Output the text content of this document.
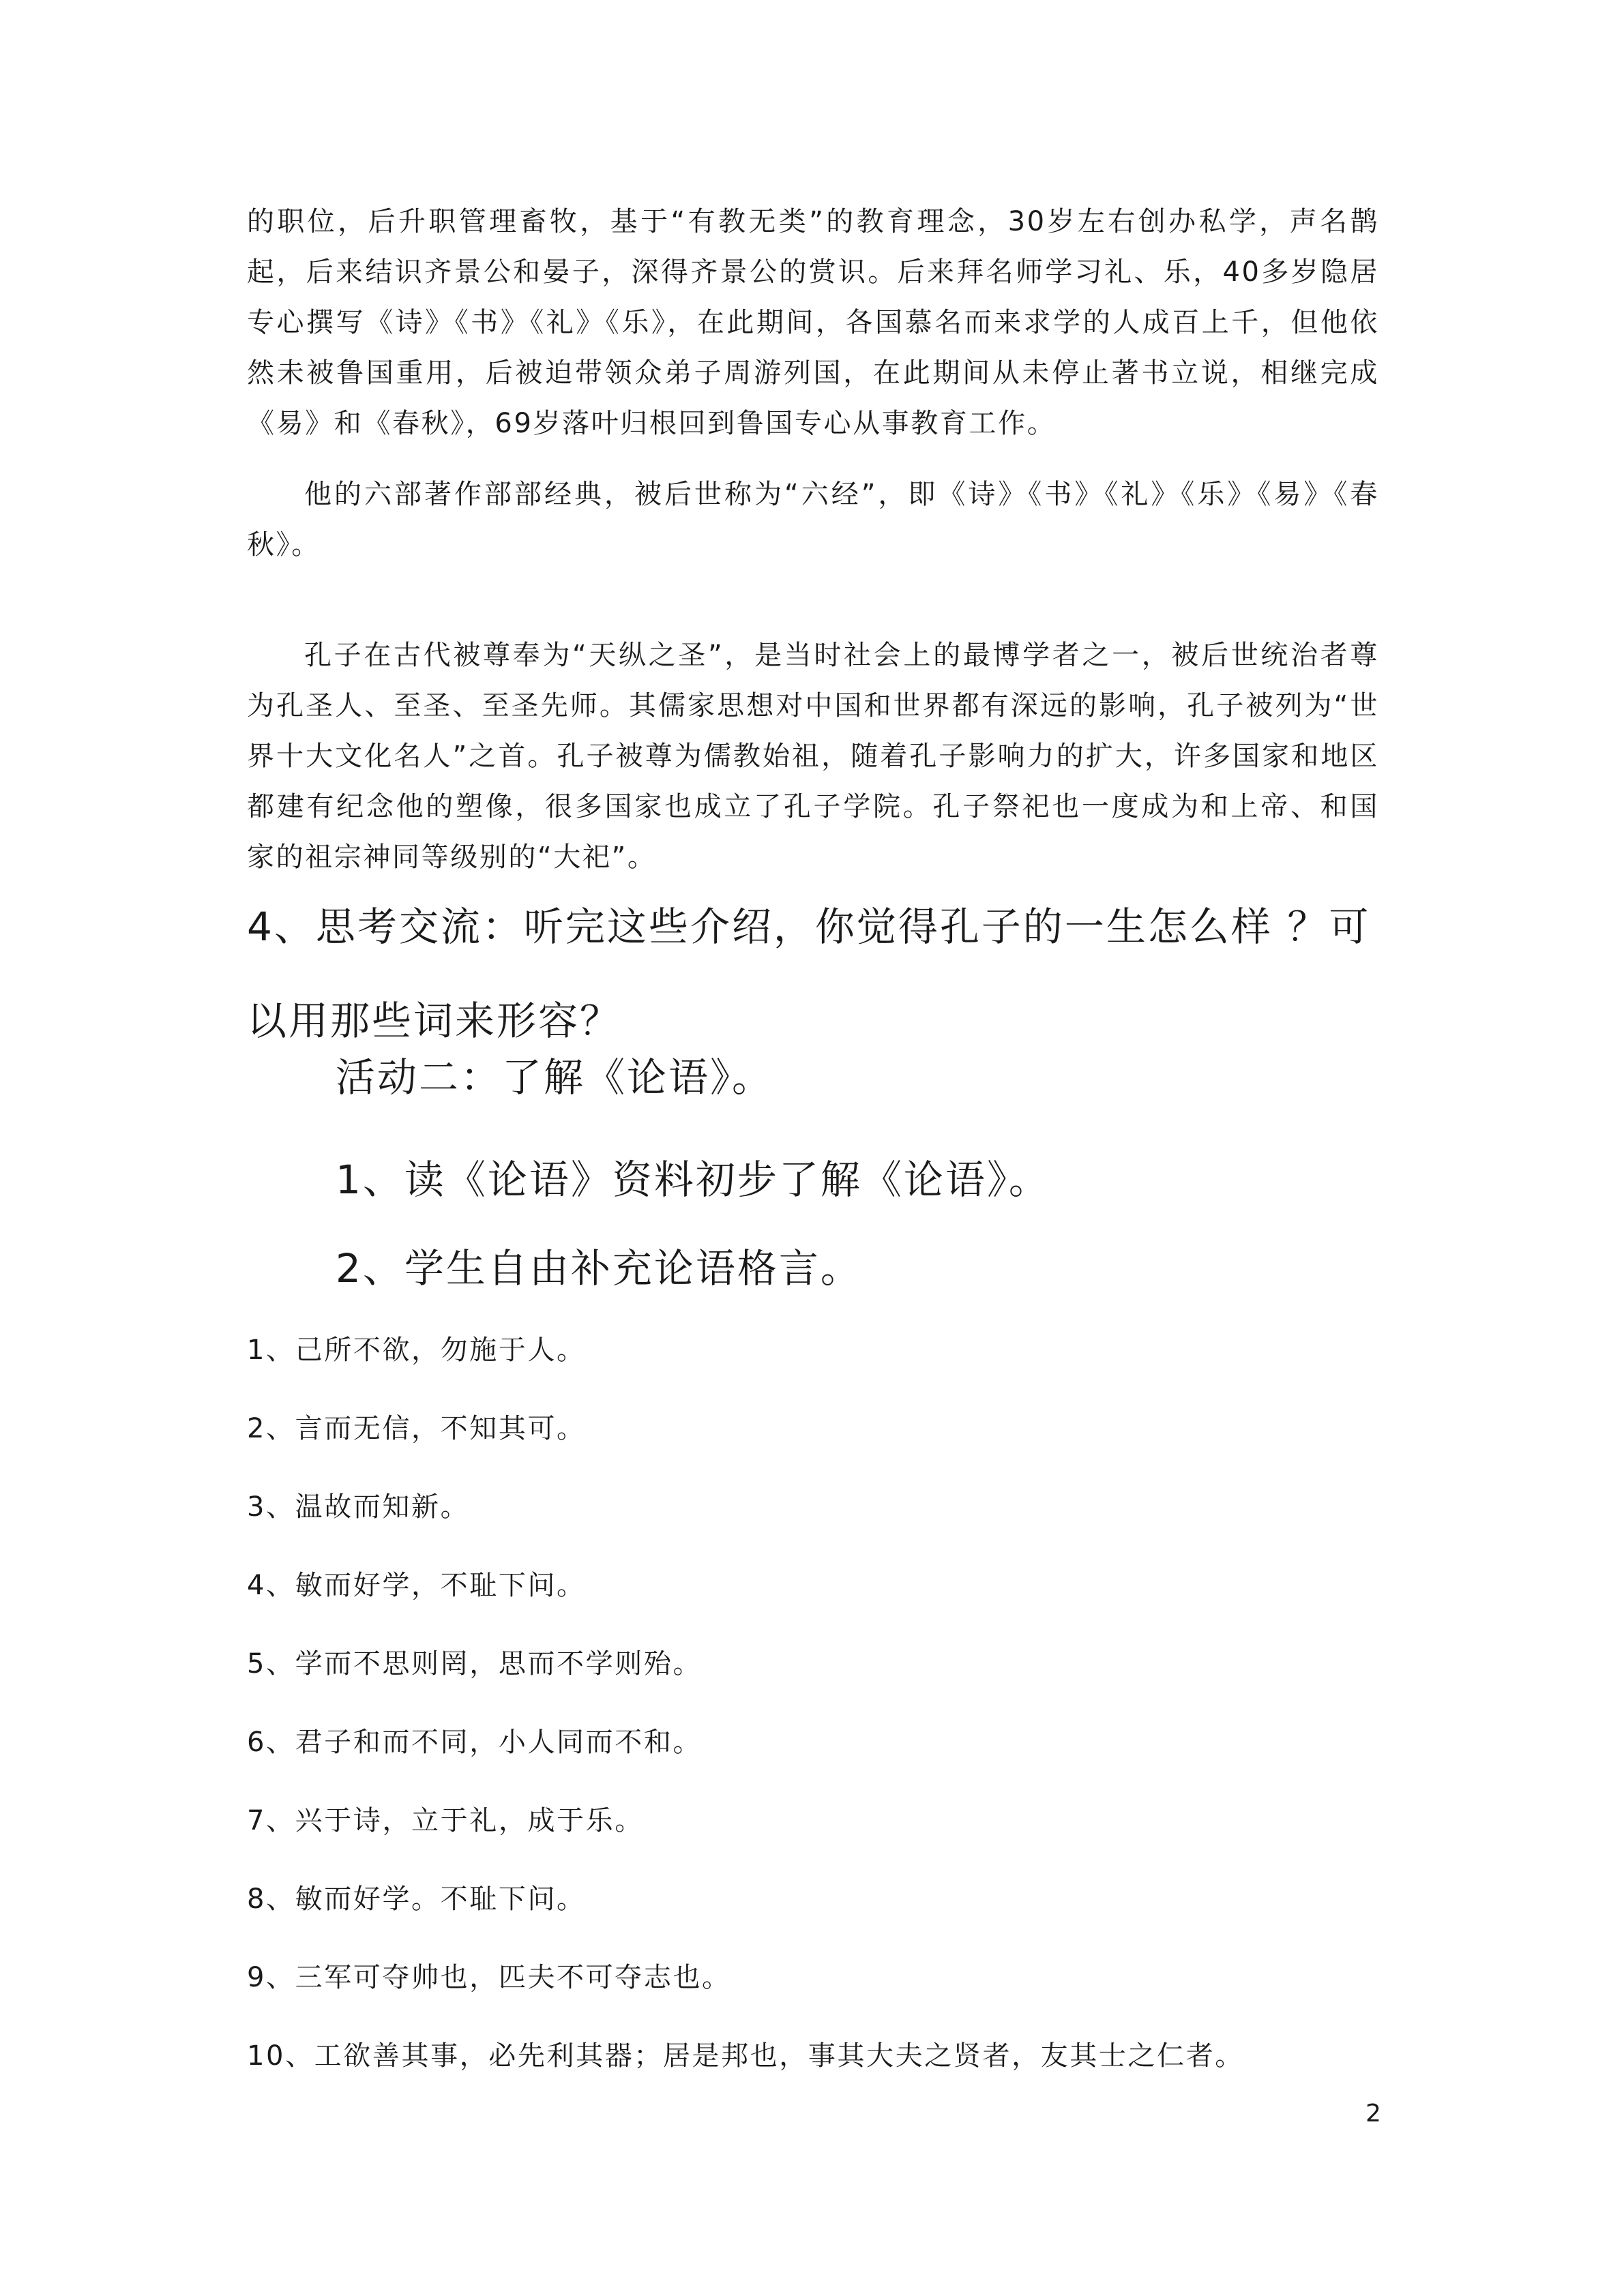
的职位，后升职管理畜牧，基于“有教无类”的教育理念，30岁左右创办私学，声名鹊起，后来结识齐景公和晏子，深得齐景公的赏识。后来拜名师学习礼、乐，40多岁隐居专心撰写《诗》《书》《礼》《乐》，在此期间，各国慕名而来求学的人成百上千，但他依然未被鲁国重用，后被迫带领众弟子周游列国，在此期间从未停止著书立说，相继完成《易》和《春秋》，69岁落叶归根回到鲁国专心从事教育工作。

他的六部著作部部经典，被后世称为“六经”，即《诗》《书》《礼》《乐》《易》《春秋》。

孔子在古代被尊奉为“天纵之圣”，是当时社会上的最博学者之一，被后世统治者尊为孔圣人、至圣、至圣先师。其儒家思想对中国和世界都有深远的影响，孔子被列为“世界十大文化名人”之首。孔子被尊为儒教始祖，随着孔子影响力的扩大，许多国家和地区都建有纪念他的塑像，很多国家也成立了孔子学院。孔子祭祀也一度成为和上帝、和国家的祖宗神同等级别的“大祀”。

4、思考交流：听完这些介绍，你觉得孔子的一生怎么样 ？可以用那些词来形容？

活动二：了解《论语》。

1、读《论语》资料初步了解《论语》。

2、学生自由补充论语格言。

1、己所不欲，勿施于人。
2、言而无信，不知其可。
3、温故而知新。
4、敏而好学，不耻下问。
5、学而不思则罔，思而不学则殆。
6、君子和而不同，小人同而不和。
7、兴于诗，立于礼，成于乐。
8、敏而好学。不耻下问。
9、三军可夺帅也，匹夫不可夺志也。
10、工欲善其事，必先利其器；居是邦也，事其大夫之贤者，友其士之仁者。

2
